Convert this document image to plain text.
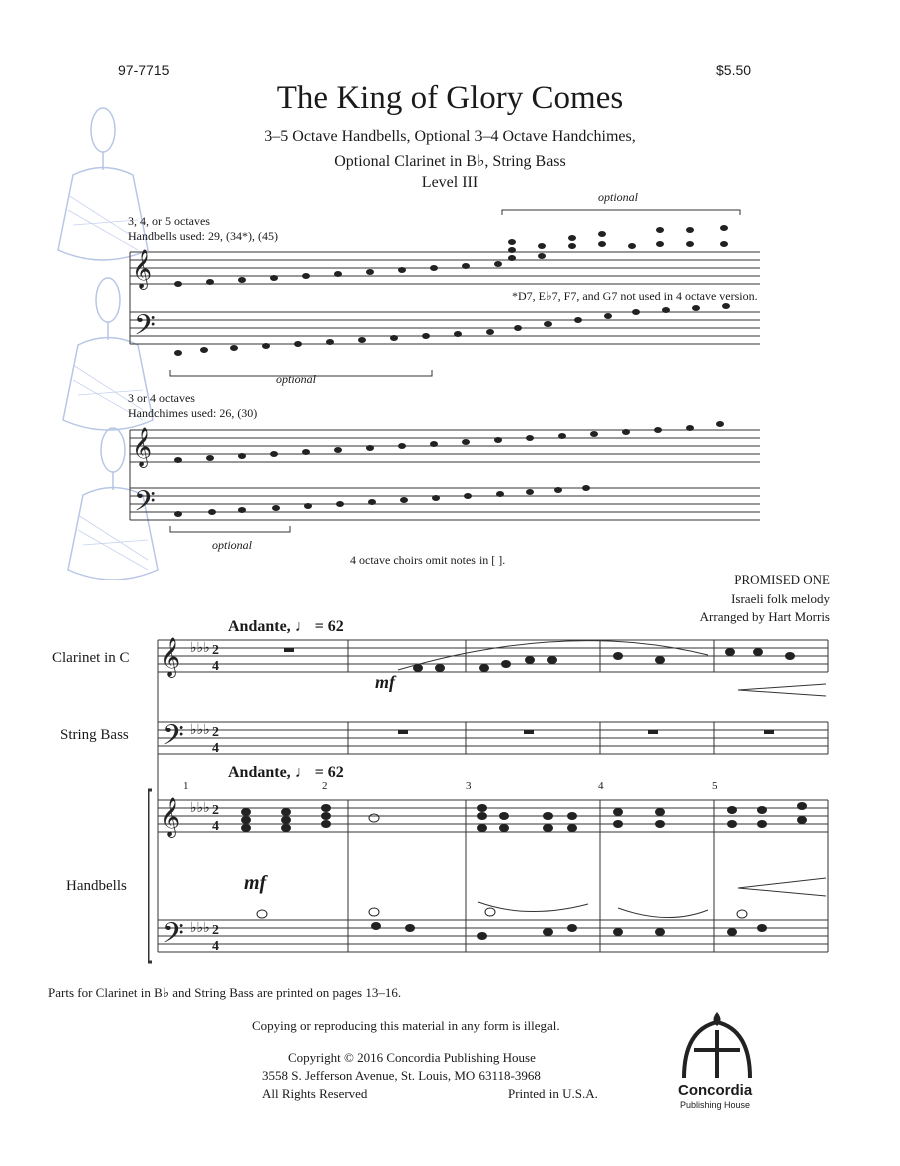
97-7715	$5.50
The King of Glory Comes
3–5 Octave Handbells, Optional 3–4 Octave Handchimes,
Optional Clarinet in B♭, String Bass
Level III
3, 4, or 5 octaves
Handbells used: 29, (34*), (45)
optional
*D7, E♭7, F7, and G7 not used in 4 octave version.
optional
3 or 4 octaves
Handchimes used: 26, (30)
optional
4 octave choirs omit notes in [ ].
𝄞
𝄢
𝄞
𝄢
PROMISED ONE
Israeli folk melody
Arranged by Hart Morris
Andante, ♩ = 62
Clarinet in C
String Bass
Andante, ♩ = 62
Handbells
1	2	3	4	5
mf
mf
𝄞
𝄢
𝄞
𝄢
♭♭♭
♭♭♭
♭♭♭
♭♭♭
2
4
2
4
2
4
2
4
Parts for Clarinet in B♭ and String Bass are printed on pages 13–16.
Copying or reproducing this material in any form is illegal.
Copyright © 2016 Concordia Publishing House
3558 S. Jefferson Avenue, St. Louis, MO 63118-3968
All Rights Reserved	Printed in U.S.A.	Concordia
Publishing House
